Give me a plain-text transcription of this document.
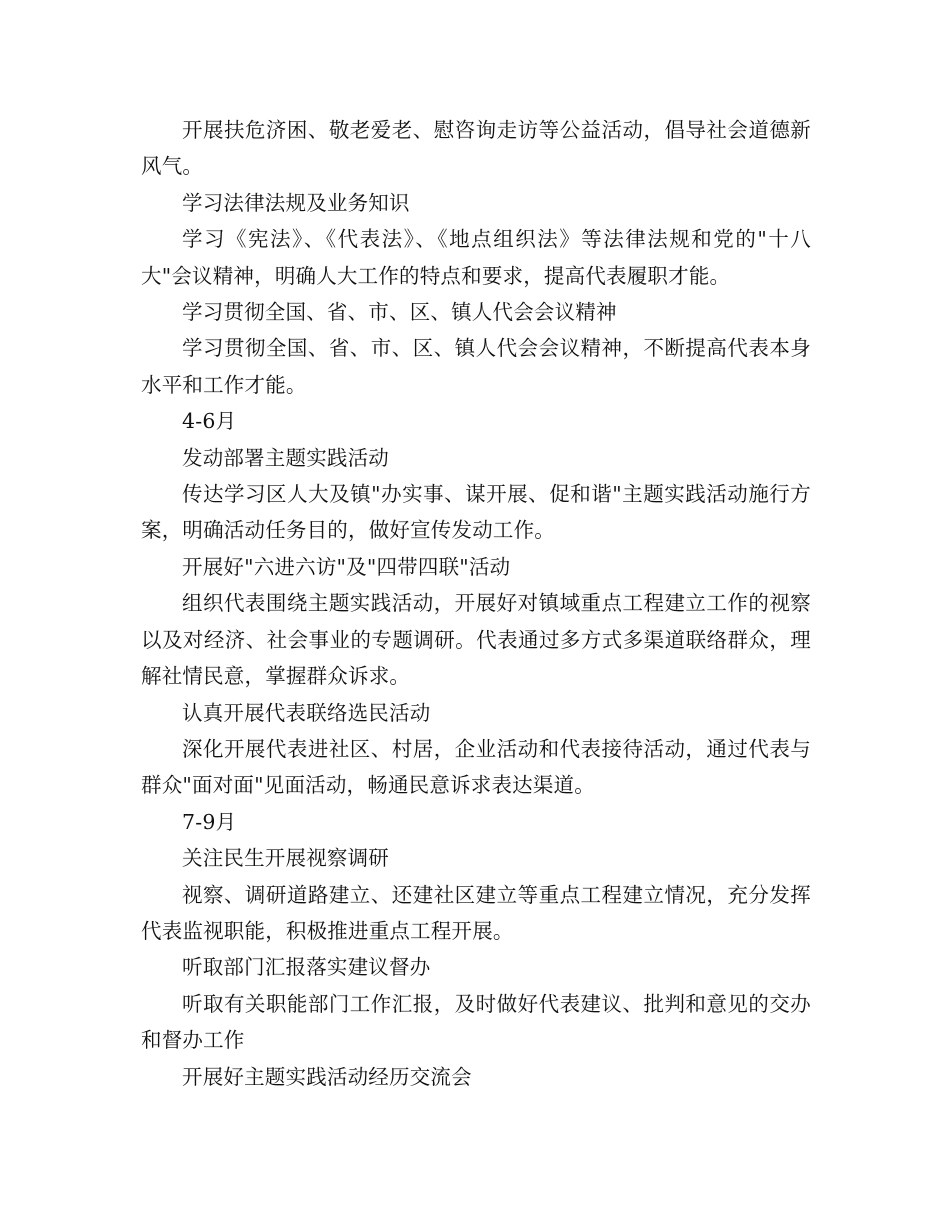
开展扶危济困、敬老爱老、慰咨询走访等公益活动，倡导社会道德新风气。

学习法律法规及业务知识

学习《宪法》、《代表法》、《地点组织法》等法律法规和党的"十八大"会议精神，明确人大工作的特点和要求，提高代表履职才能。

学习贯彻全国、省、市、区、镇人代会会议精神

学习贯彻全国、省、市、区、镇人代会会议精神，不断提高代表本身水平和工作才能。

4-6月

发动部署主题实践活动

传达学习区人大及镇"办实事、谋开展、促和谐"主题实践活动施行方案，明确活动任务目的，做好宣传发动工作。

开展好"六进六访"及"四带四联"活动

组织代表围绕主题实践活动，开展好对镇域重点工程建立工作的视察以及对经济、社会事业的专题调研。代表通过多方式多渠道联络群众，理解社情民意，掌握群众诉求。

认真开展代表联络选民活动

深化开展代表进社区、村居，企业活动和代表接待活动，通过代表与群众"面对面"见面活动，畅通民意诉求表达渠道。

7-9月

关注民生开展视察调研

视察、调研道路建立、还建社区建立等重点工程建立情况，充分发挥代表监视职能，积极推进重点工程开展。

听取部门汇报落实建议督办

听取有关职能部门工作汇报，及时做好代表建议、批判和意见的交办和督办工作

开展好主题实践活动经历交流会
